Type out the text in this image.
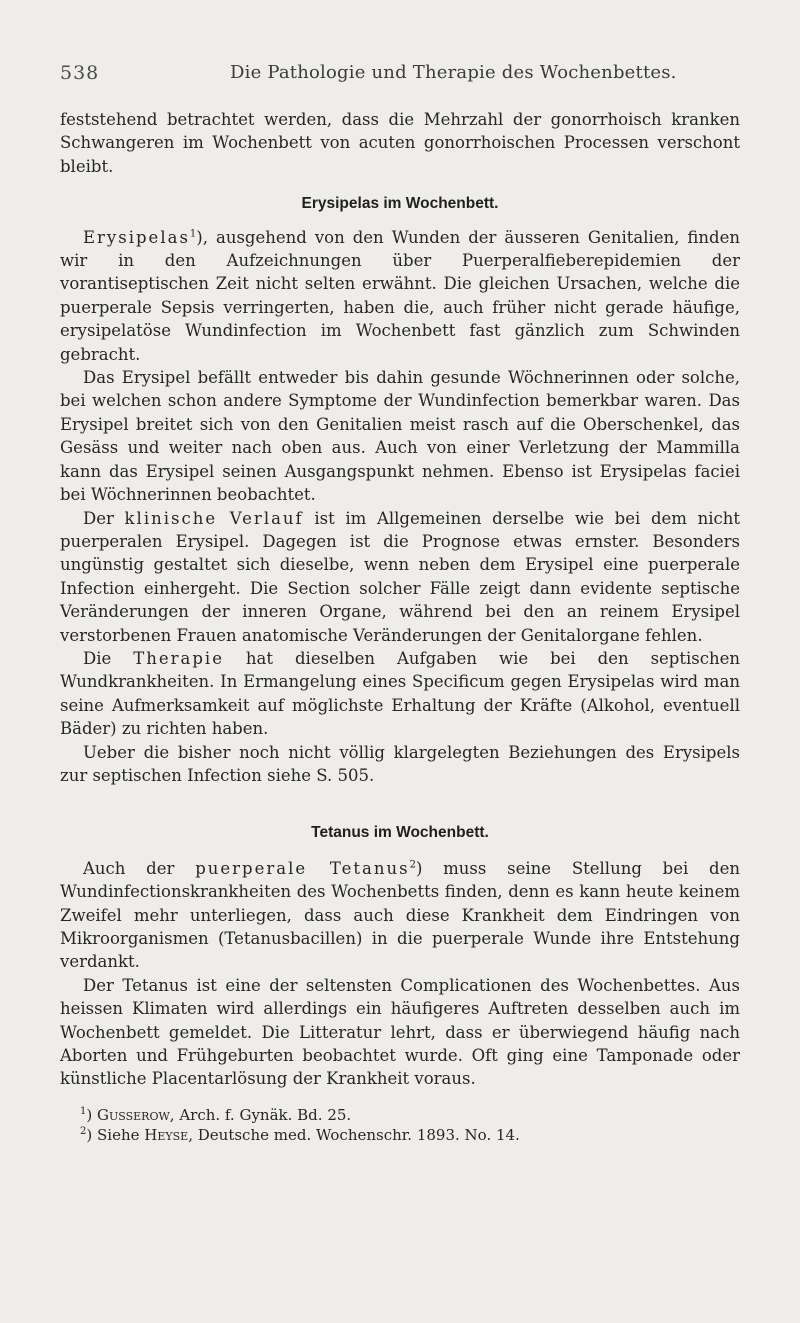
538	Die Pathologie und Therapie des Wochenbettes.

feststehend betrachtet werden, dass die Mehrzahl der gonorrhoisch kranken Schwangeren im Wochenbett von acuten gonorrhoischen Processen verschont bleibt.

Erysipelas im Wochenbett.

Erysipelas$^1$), ausgehend von den Wunden der äusseren Genitalien, finden wir in den Aufzeichnungen über Puerperalfieberepidemien der vorantiseptischen Zeit nicht selten erwähnt. Die gleichen Ursachen, welche die puerperale Sepsis verringerten, haben die, auch früher nicht gerade häufige, erysipelatöse Wundinfection im Wochenbett fast gänzlich zum Schwinden gebracht.

Das Erysipel befällt entweder bis dahin gesunde Wöchnerinnen oder solche, bei welchen schon andere Symptome der Wundinfection bemerkbar waren. Das Erysipel breitet sich von den Genitalien meist rasch auf die Oberschenkel, das Gesäss und weiter nach oben aus. Auch von einer Verletzung der Mammilla kann das Erysipel seinen Ausgangspunkt nehmen. Ebenso ist Erysipelas faciei bei Wöchnerinnen beobachtet.

Der klinische Verlauf ist im Allgemeinen derselbe wie bei dem nicht puerperalen Erysipel. Dagegen ist die Prognose etwas ernster. Besonders ungünstig gestaltet sich dieselbe, wenn neben dem Erysipel eine puerperale Infection einhergeht. Die Section solcher Fälle zeigt dann evidente septische Veränderungen der inneren Organe, während bei den an reinem Erysipel verstorbenen Frauen anatomische Veränderungen der Genitalorgane fehlen.

Die Therapie hat dieselben Aufgaben wie bei den septischen Wundkrankheiten. In Ermangelung eines Specificum gegen Erysipelas wird man seine Aufmerksamkeit auf möglichste Erhaltung der Kräfte (Alkohol, eventuell Bäder) zu richten haben.

Ueber die bisher noch nicht völlig klargelegten Beziehungen des Erysipels zur septischen Infection siehe S. 505.

Tetanus im Wochenbett.

Auch der puerperale Tetanus$^2$) muss seine Stellung bei den Wundinfectionskrankheiten des Wochenbetts finden, denn es kann heute keinem Zweifel mehr unterliegen, dass auch diese Krankheit dem Eindringen von Mikroorganismen (Tetanusbacillen) in die puerperale Wunde ihre Entstehung verdankt.

Der Tetanus ist eine der seltensten Complicationen des Wochenbettes. Aus heissen Klimaten wird allerdings ein häufigeres Auftreten desselben auch im Wochenbett gemeldet. Die Litteratur lehrt, dass er überwiegend häufig nach Aborten und Frühgeburten beobachtet wurde. Oft ging eine Tamponade oder künstliche Placentarlösung der Krankheit voraus.

$^1$) Gusserow, Arch. f. Gynäk. Bd. 25.

$^2$) Siehe Heyse, Deutsche med. Wochenschr. 1893. No. 14.
